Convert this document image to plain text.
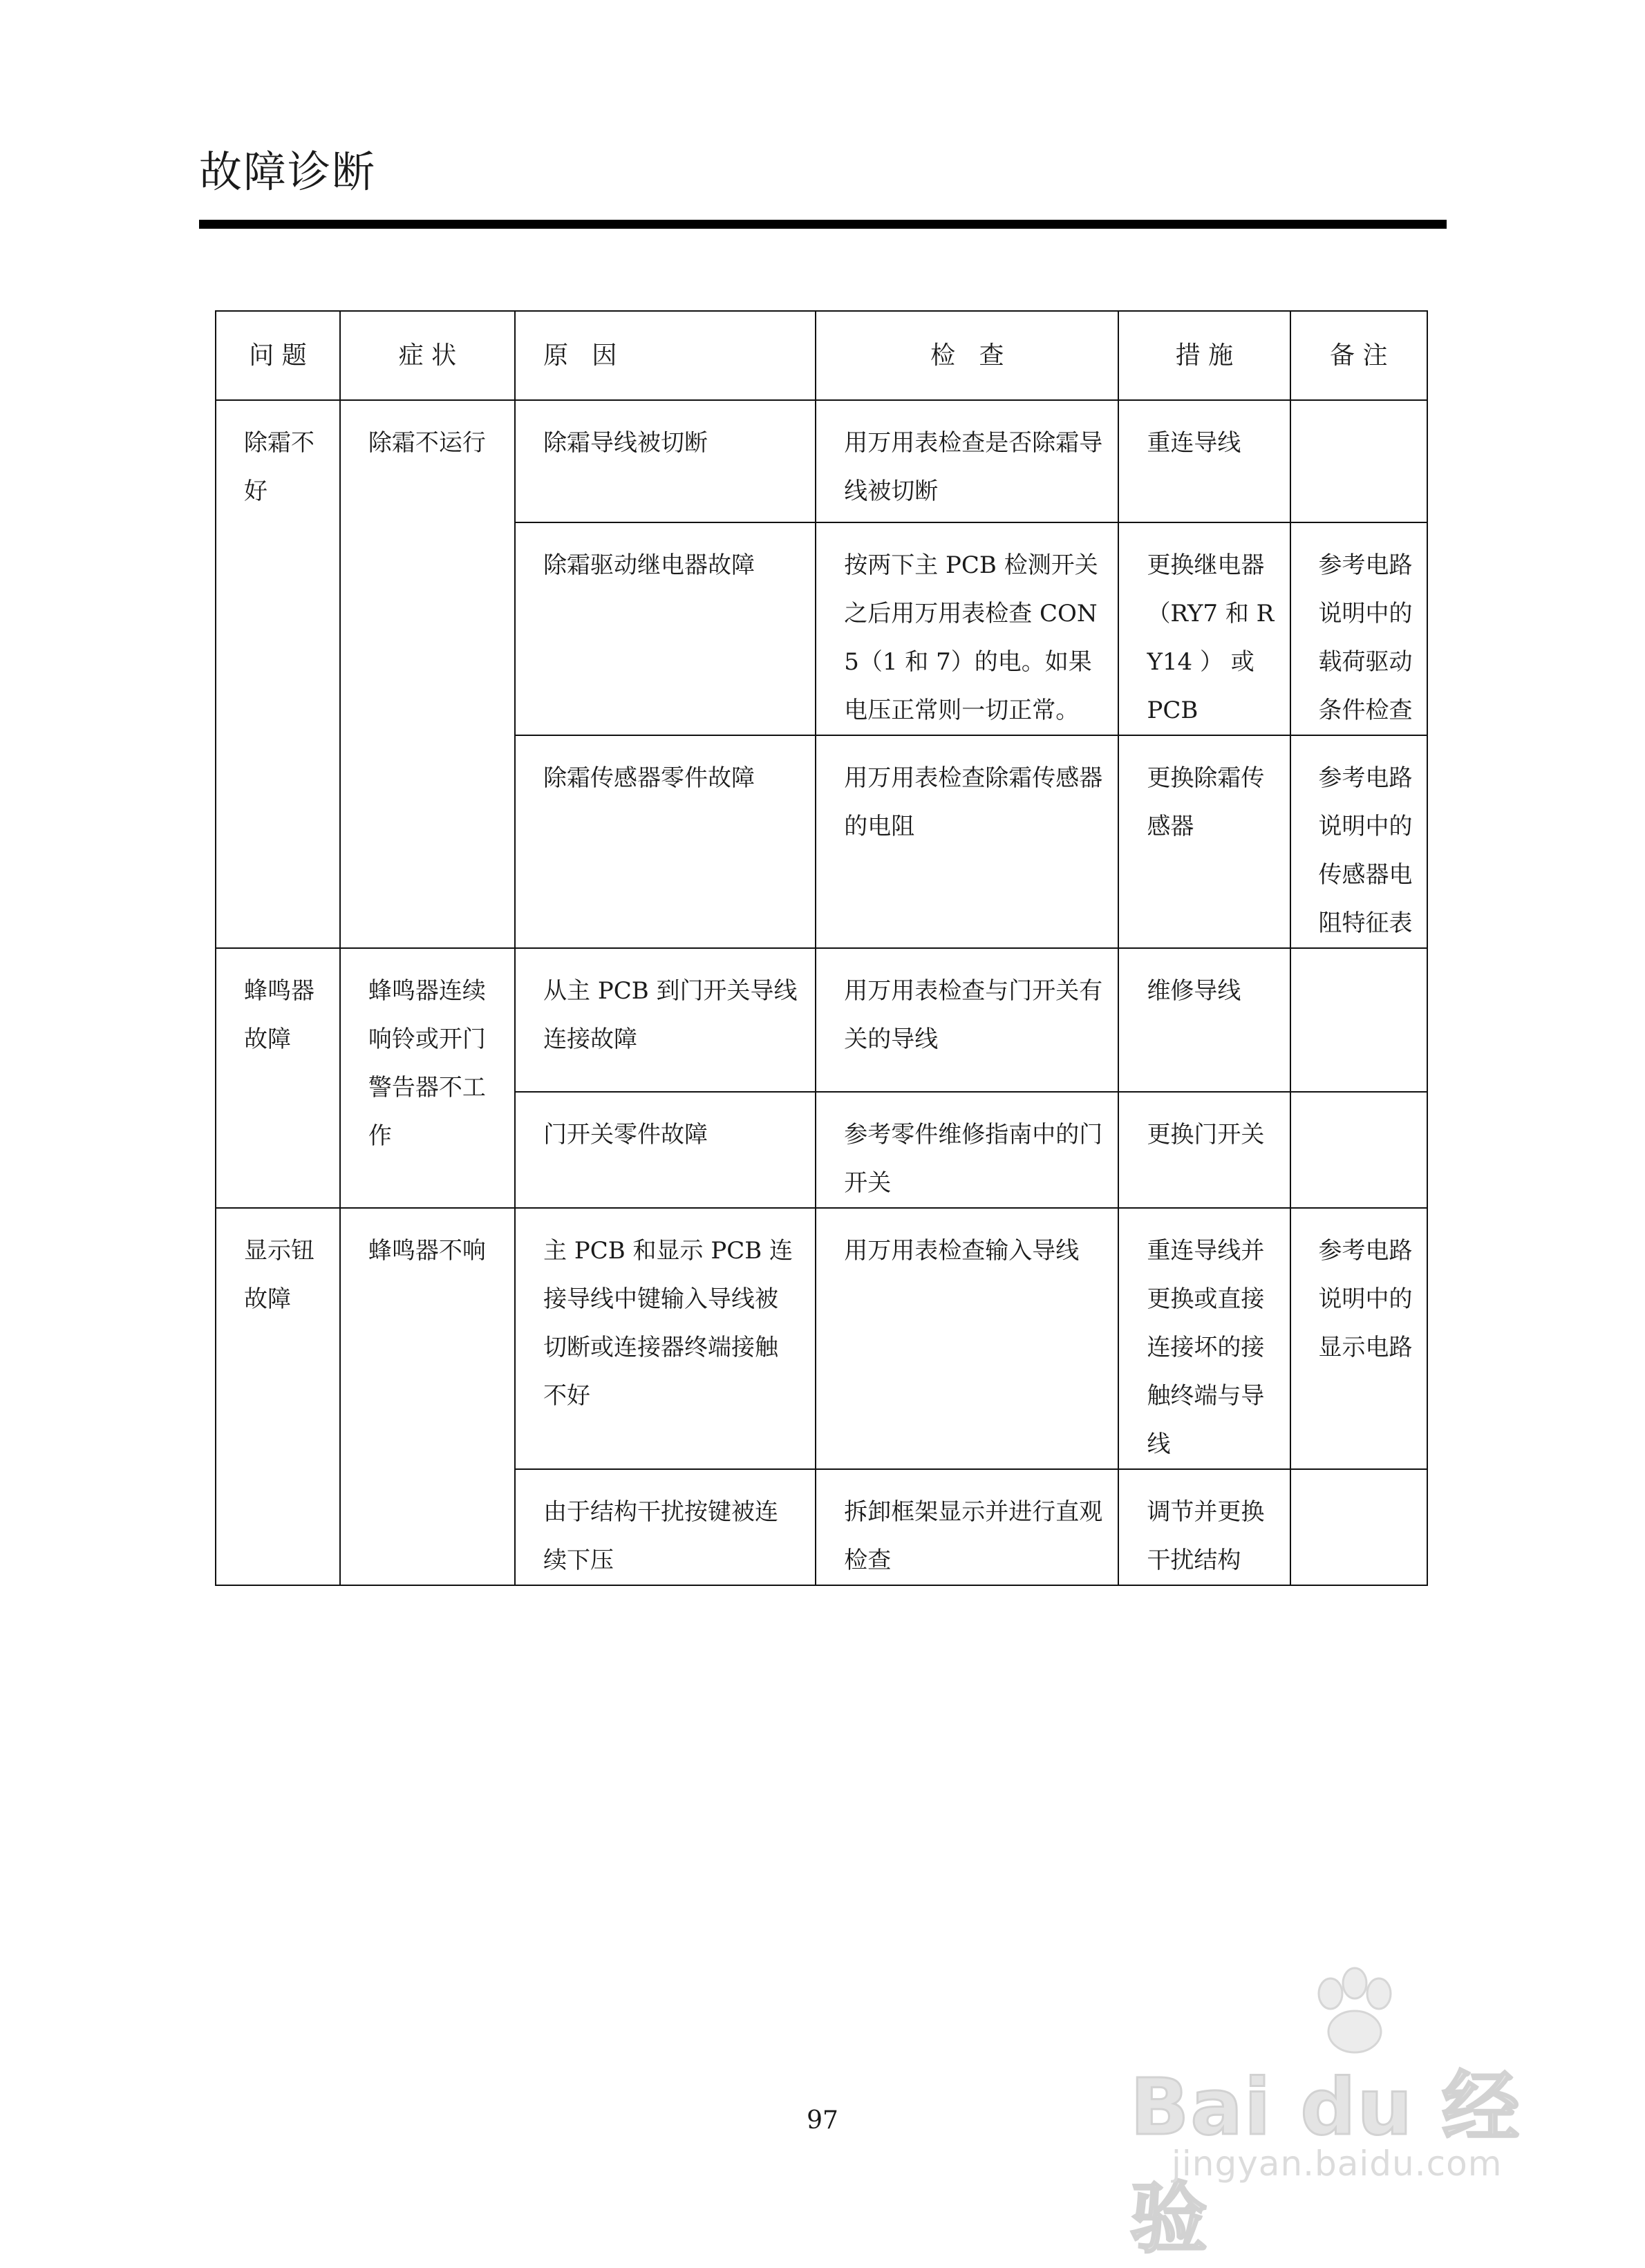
故障诊断
问 题	症 状	原   因	检   查	措 施	备 注
除霜不好	除霜不运行	除霜导线被切断	用万用表检查是否除霜导线被切断	重连导线	
		除霜驱动继电器故障	按两下主 PCB 检测开关之后用万用表检查 CON5（1 和 7）的电。如果电压正常则一切正常。	更换继电器（RY7 和 RY14 ） 或 PCB	参考电路说明中的载荷驱动条件检查
		除霜传感器零件故障	用万用表检查除霜传感器的电阻	更换除霜传感器	参考电路说明中的传感器电阻特征表
蜂鸣器故障	蜂鸣器连续响铃或开门警告器不工作	从主 PCB 到门开关导线连接故障	用万用表检查与门开关有关的导线	维修导线	
		门开关零件故障	参考零件维修指南中的门开关	更换门开关	
显示钮故障	蜂鸣器不响	主 PCB 和显示 PCB 连接导线中键输入导线被切断或连接器终端接触不好	用万用表检查输入导线	重连导线并更换或直接连接坏的接触终端与导线	参考电路说明中的显示电路
		由于结构干扰按键被连续下压	拆卸框架显示并进行直观检查	调节并更换干扰结构	
97	Bai du 经验
jingyan.baidu.com
